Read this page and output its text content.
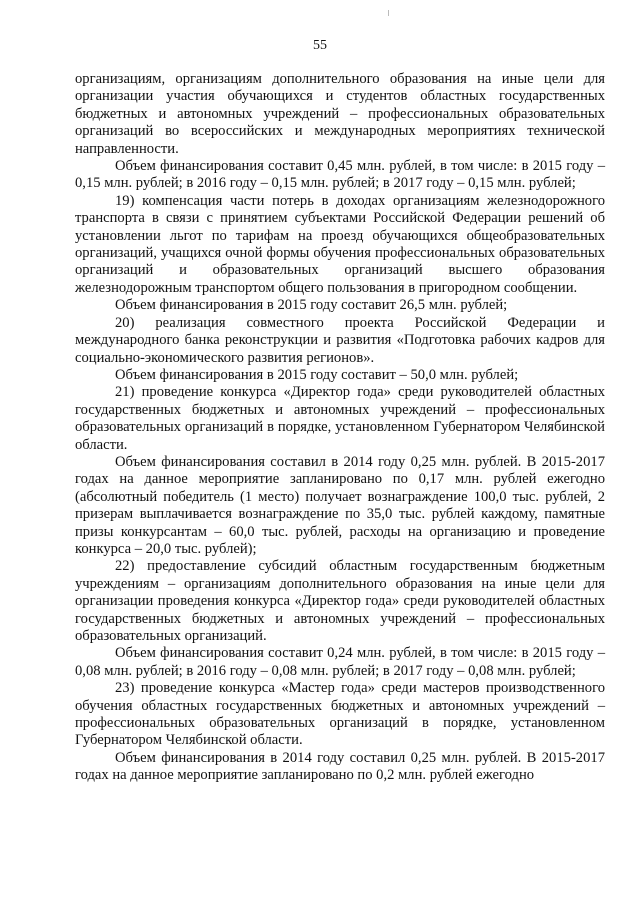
55

организациям, организациям дополнительного образования на иные цели для организации участия обучающихся и студентов областных государственных бюджетных и автономных учреждений – профессиональных образовательных организаций во всероссийских и международных мероприятиях технической направленности.

Объем финансирования составит 0,45 млн. рублей, в том числе: в 2015 году – 0,15 млн. рублей; в 2016 году – 0,15 млн. рублей; в 2017 году – 0,15 млн. рублей;

19) компенсация части потерь в доходах организациям железнодорожного транспорта в связи с принятием субъектами Российской Федерации решений об установлении льгот по тарифам на проезд обучающихся общеобразовательных организаций, учащихся очной формы обучения профессиональных образовательных организаций и образовательных организаций высшего образования железнодорожным транспортом общего пользования в пригородном сообщении.

Объем финансирования в 2015 году составит 26,5 млн. рублей;

20) реализация совместного проекта Российской Федерации и международного банка реконструкции и развития «Подготовка рабочих кадров для социально-экономического развития регионов».

Объем финансирования в 2015 году составит – 50,0 млн. рублей;

21) проведение конкурса «Директор года» среди руководителей областных государственных бюджетных и автономных учреждений – профессиональных образовательных организаций в порядке, установленном Губернатором Челябинской области.

Объем финансирования составил в 2014 году 0,25 млн. рублей. В 2015-2017 годах на данное мероприятие запланировано по 0,17 млн. рублей ежегодно (абсолютный победитель (1 место) получает вознаграждение 100,0 тыс. рублей, 2 призерам выплачивается вознаграждение по 35,0 тыс. рублей каждому, памятные призы конкурсантам – 60,0 тыс. рублей, расходы на организацию и проведение конкурса – 20,0 тыс. рублей);

22) предоставление субсидий областным государственным бюджетным учреждениям – организациям дополнительного образования на иные цели для организации проведения конкурса «Директор года» среди руководителей областных государственных бюджетных и автономных учреждений – профессиональных образовательных организаций.

Объем финансирования составит 0,24 млн. рублей, в том числе: в 2015 году – 0,08 млн. рублей; в 2016 году – 0,08 млн. рублей; в 2017 году – 0,08 млн. рублей;

23) проведение конкурса «Мастер года» среди мастеров производственного обучения областных государственных бюджетных и автономных учреждений – профессиональных образовательных организаций в порядке, установленном Губернатором Челябинской области.

Объем финансирования в 2014 году составил 0,25 млн. рублей. В 2015-2017 годах на данное мероприятие запланировано по 0,2 млн. рублей ежегодно
